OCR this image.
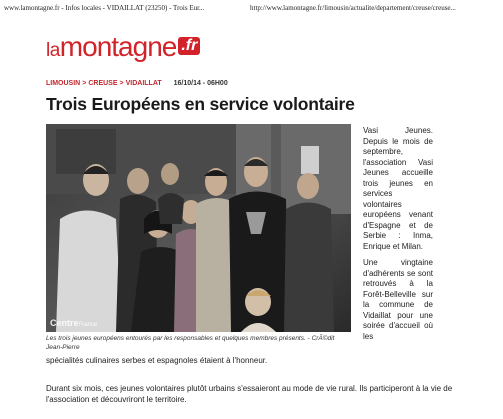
www.lamontagne.fr - Infos locales - VIDAILLAT (23250) - Trois Eur...	http://www.lamontagne.fr/limousin/actualite/departement/creuse/creuse...
lamontagne .fr
LIMOUSIN > CREUSE > VIDAILLAT 16/10/14 - 06H00
Trois Européens en service volontaire
CentreFrance
Les trois jeunes européens entourés par les responsables et quelques membres présents. - CrÃ©dit Jean-Pierre

Vasi Jeunes. Depuis le mois de septembre, l'association Vasi Jeunes accueille trois jeunes en services volontaires européens venant d'Espagne et de Serbie : Inma, Enrique et Milan.

Une vingtaine d'adhérents se sont retrouvés à la Forêt-Belleville sur la commune de Vidaillat pour une soirée d'accueil où les

spécialités culinaires serbes et espagnoles étaient à l'honneur.

Durant six mois, ces jeunes volontaires plutôt urbains s'essaieront au mode de vie rural. Ils participeront à la vie de l'association et découvriront le territoire.
